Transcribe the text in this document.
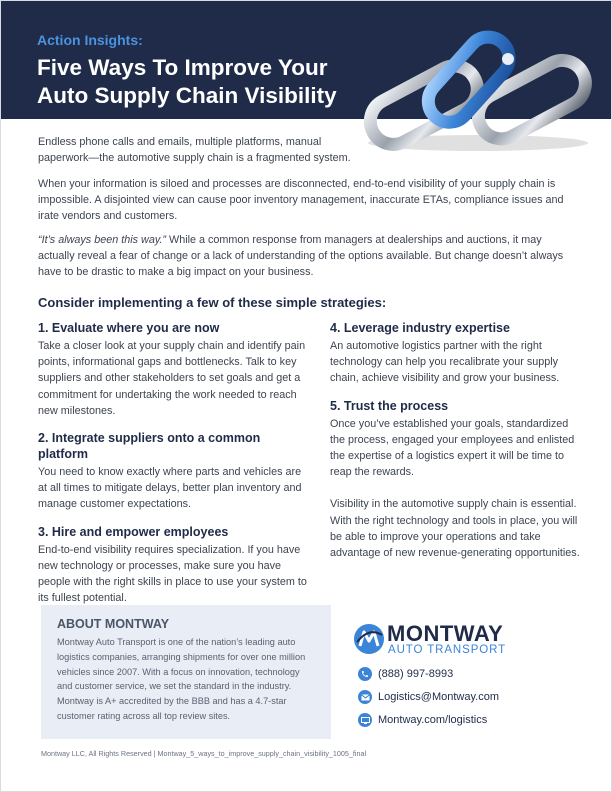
Action Insights:
Five Ways To Improve Your Auto Supply Chain Visibility

Endless phone calls and emails, multiple platforms, manual paperwork—the automotive supply chain is a fragmented system.

When your information is siloed and processes are disconnected, end-to-end visibility of your supply chain is impossible. A disjointed view can cause poor inventory management, inaccurate ETAs, compliance issues and irate vendors and customers.

“It’s always been this way.” While a common response from managers at dealerships and auctions, it may actually reveal a fear of change or a lack of understanding of the options available. But change doesn’t always have to be drastic to make a big impact on your business.

Consider implementing a few of these simple strategies:
1. Evaluate where you are now

Take a closer look at your supply chain and identify pain points, informational gaps and bottlenecks. Talk to key suppliers and other stakeholders to set goals and get a commitment for undertaking the work needed to reach new milestones.

2. Integrate suppliers onto a common platform

You need to know exactly where parts and vehicles are at all times to mitigate delays, better plan inventory and manage customer expectations.

3. Hire and empower employees

End-to-end visibility requires specialization. If you have new technology or processes, make sure you have people with the right skills in place to use your system to its fullest potential.

4. Leverage industry expertise

An automotive logistics partner with the right technology can help you recalibrate your supply chain, achieve visibility and grow your business.

5. Trust the process

Once you’ve established your goals, standardized the process, engaged your employees and enlisted the expertise of a logistics expert it will be time to reap the rewards.

Visibility in the automotive supply chain is essential. With the right technology and tools in place, you will be able to improve your operations and take advantage of new revenue-generating opportunities.

ABOUT MONTWAY

Montway Auto Transport is one of the nation’s leading auto logistics companies, arranging shipments for over one million vehicles since 2007. With a focus on innovation, technology and customer service, we set the standard in the industry. Montway is A+ accredited by the BBB and has a 4.7-star customer rating across all top review sites.

MONTWAY
AUTO TRANSPORT
(888) 997-8993
Logistics@Montway.com
Montway.com/logistics
Montway LLC, All Rights Reserved | Montway_5_ways_to_improve_supply_chain_visibility_1005_final
